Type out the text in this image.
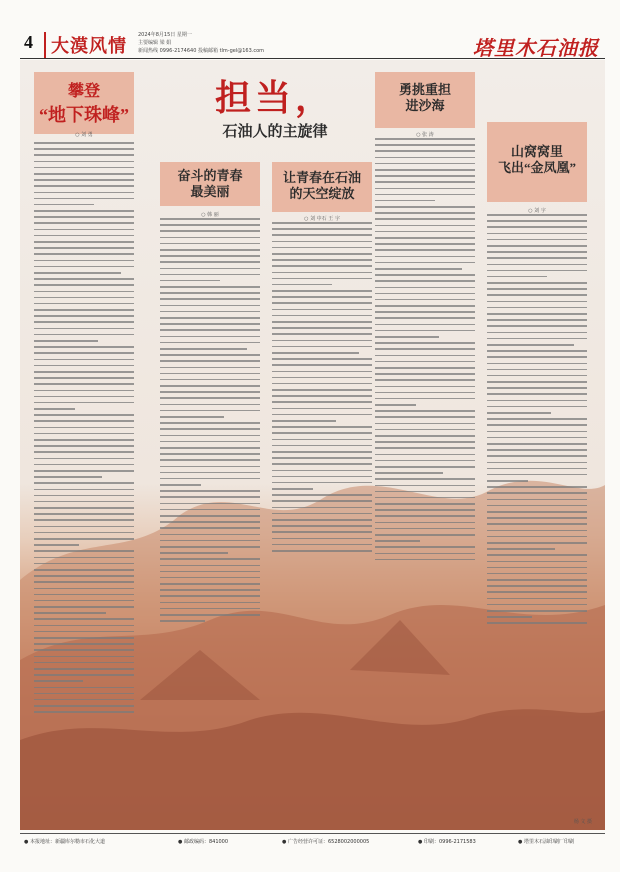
4	大漠风情
2024年8月15日 星期一
主要编辑 梁 娟
新闻热线 0996-2174640 投稿邮箱 tlm-gel@163.com	塔里木石油报
攀登
“地下珠峰”
○ 刘 勇
担当，
石油人的主旋律
奋斗的青春
最美丽
○ 韩 丽
让青春在石油
的天空绽放
○ 刘 中石 王 宇
勇挑重担
进沙海
○ 张 涛
山窝窝里
飞出“金凤凰”
○ 刘 宇
杨 文 摄
● 本报地址：新疆库尔勒市石化大道	● 邮政编码：841000	● 广告经营许可证：6528002000005	● 印刷：0996-2171583	● 塔里木石油印刷厂印刷
